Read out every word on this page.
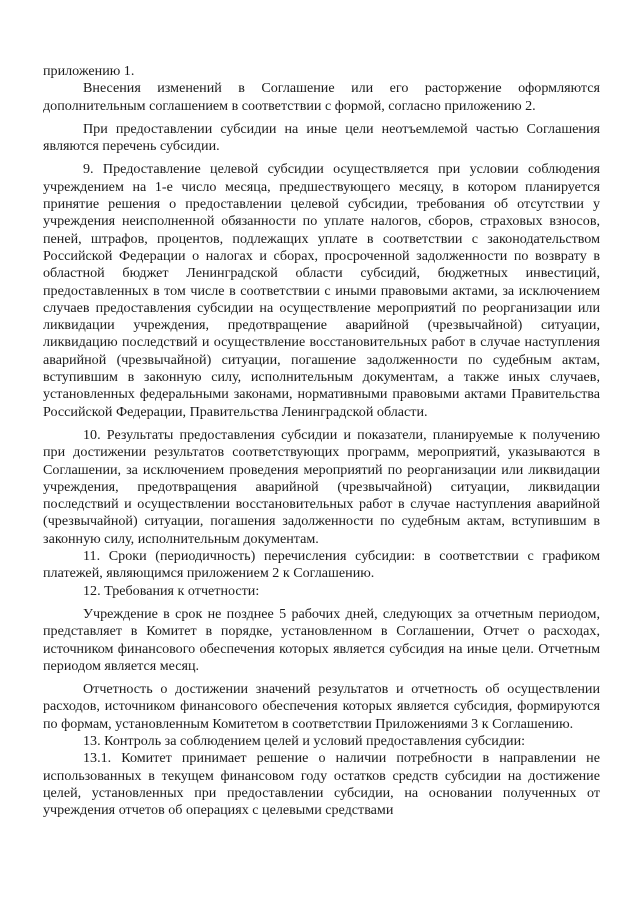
приложению 1.

Внесения изменений в Соглашение или его расторжение оформляются дополнительным соглашением в соответствии с формой, согласно приложению 2.

При предоставлении субсидии на иные цели неотъемлемой частью Соглашения являются перечень субсидии.

9. Предоставление целевой субсидии осуществляется при условии соблюдения учреждением на 1-е число месяца, предшествующего месяцу, в котором планируется принятие решения о предоставлении целевой субсидии, требования об отсутствии у учреждения неисполненной обязанности по уплате налогов, сборов, страховых взносов, пеней, штрафов, процентов, подлежащих уплате в соответствии с законодательством Российской Федерации о налогах и сборах, просроченной задолженности по возврату в областной бюджет Ленинградской области субсидий, бюджетных инвестиций, предоставленных в том числе в соответствии с иными правовыми актами, за исключением случаев предоставления субсидии на осуществление мероприятий по реорганизации или ликвидации учреждения, предотвращение аварийной (чрезвычайной) ситуации, ликвидацию последствий и осуществление восстановительных работ в случае наступления аварийной (чрезвычайной) ситуации, погашение задолженности по судебным актам, вступившим в законную силу, исполнительным документам, а также иных случаев, установленных федеральными законами, нормативными правовыми актами Правительства Российской Федерации, Правительства Ленинградской области.

10. Результаты предоставления субсидии и показатели, планируемые к получению при достижении результатов соответствующих программ, мероприятий, указываются в Соглашении, за исключением проведения мероприятий по реорганизации или ликвидации учреждения, предотвращения аварийной (чрезвычайной) ситуации, ликвидации последствий и осуществлении восстановительных работ в случае наступления аварийной (чрезвычайной) ситуации, погашения задолженности по судебным актам, вступившим в законную силу, исполнительным документам.

11. Сроки (периодичность) перечисления субсидии: в соответствии с графиком платежей, являющимся приложением 2 к Соглашению.

12. Требования к отчетности:

Учреждение в срок не позднее 5 рабочих дней, следующих за отчетным периодом, представляет в Комитет в порядке, установленном в Соглашении, Отчет о расходах, источником финансового обеспечения которых является субсидия на иные цели. Отчетным периодом является месяц.

Отчетность о достижении значений результатов и отчетность об осуществлении расходов, источником финансового обеспечения которых является субсидия, формируются по формам, установленным Комитетом в соответствии Приложениями 3 к Соглашению.

13. Контроль за соблюдением целей и условий предоставления субсидии:

13.1. Комитет принимает решение о наличии потребности в направлении не использованных в текущем финансовом году остатков средств субсидии на достижение целей, установленных при предоставлении субсидии, на основании полученных от учреждения отчетов об операциях с целевыми средствами
